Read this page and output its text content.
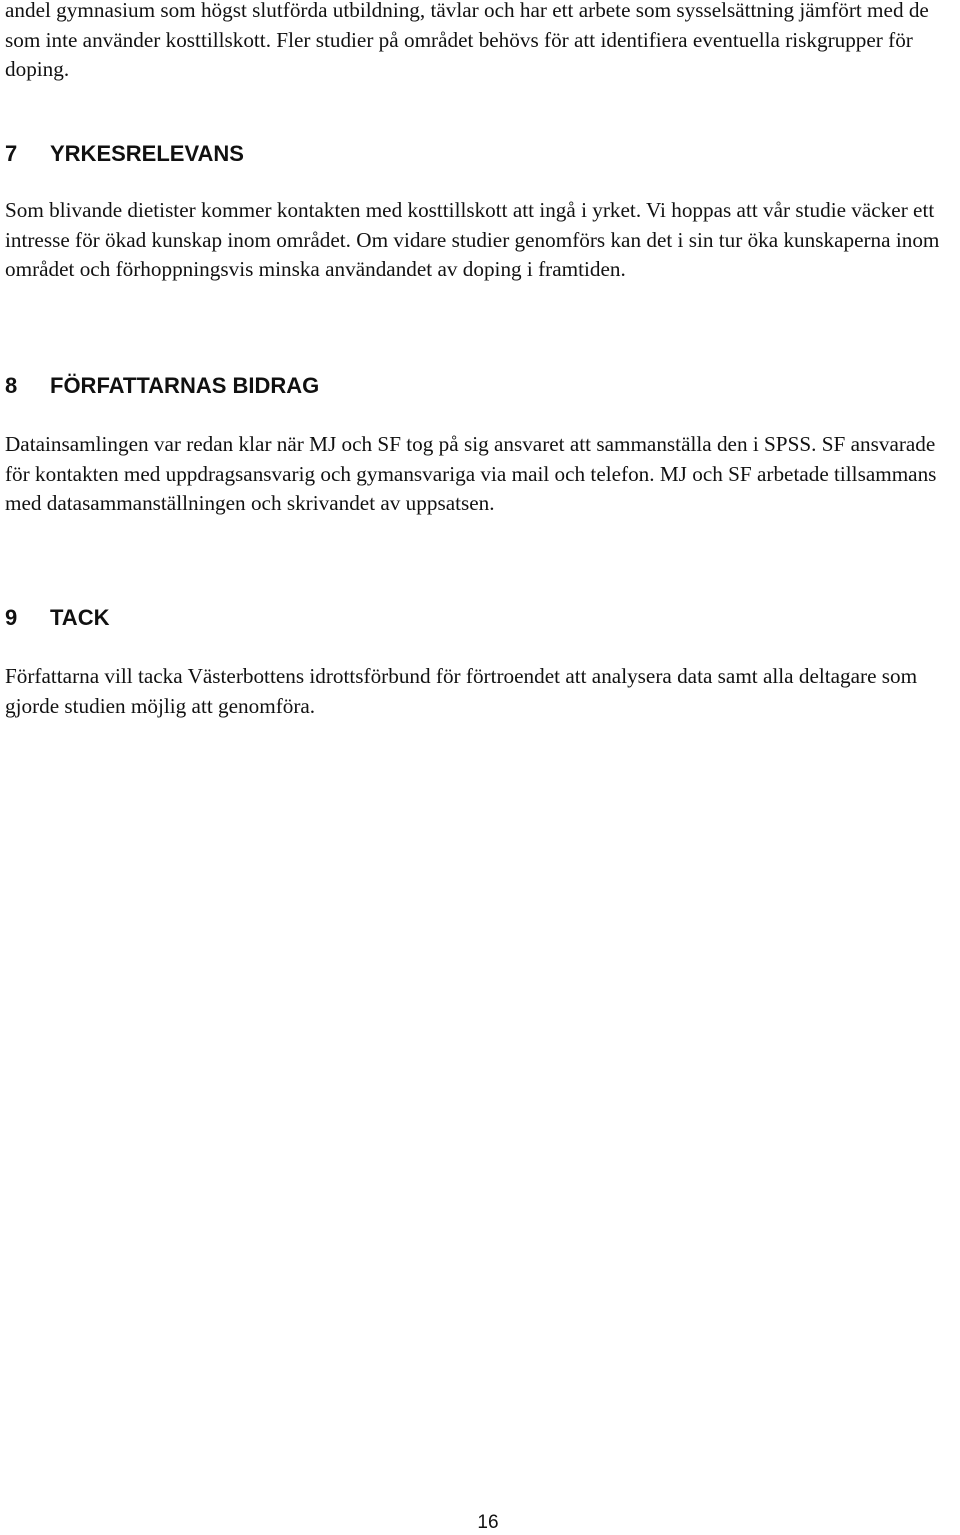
andel gymnasium som högst slutförda utbildning, tävlar och har ett arbete som sysselsättning jämfört med de som inte använder kosttillskott. Fler studier på området behövs för att identifiera eventuella riskgrupper för doping.

7 YRKESRELEVANS

Som blivande dietister kommer kontakten med kosttillskott att ingå i yrket. Vi hoppas att vår studie väcker ett intresse för ökad kunskap inom området. Om vidare studier genomförs kan det i sin tur öka kunskaperna inom området och förhoppningsvis minska användandet av doping i framtiden.

8 FÖRFATTARNAS BIDRAG

Datainsamlingen var redan klar när MJ och SF tog på sig ansvaret att sammanställa den i SPSS. SF ansvarade för kontakten med uppdragsansvarig och gymansvariga via mail och telefon. MJ och SF arbetade tillsammans med datasammanställningen och skrivandet av uppsatsen.

9 TACK

Författarna vill tacka Västerbottens idrottsförbund för förtroendet att analysera data samt alla deltagare som gjorde studien möjlig att genomföra.

16
